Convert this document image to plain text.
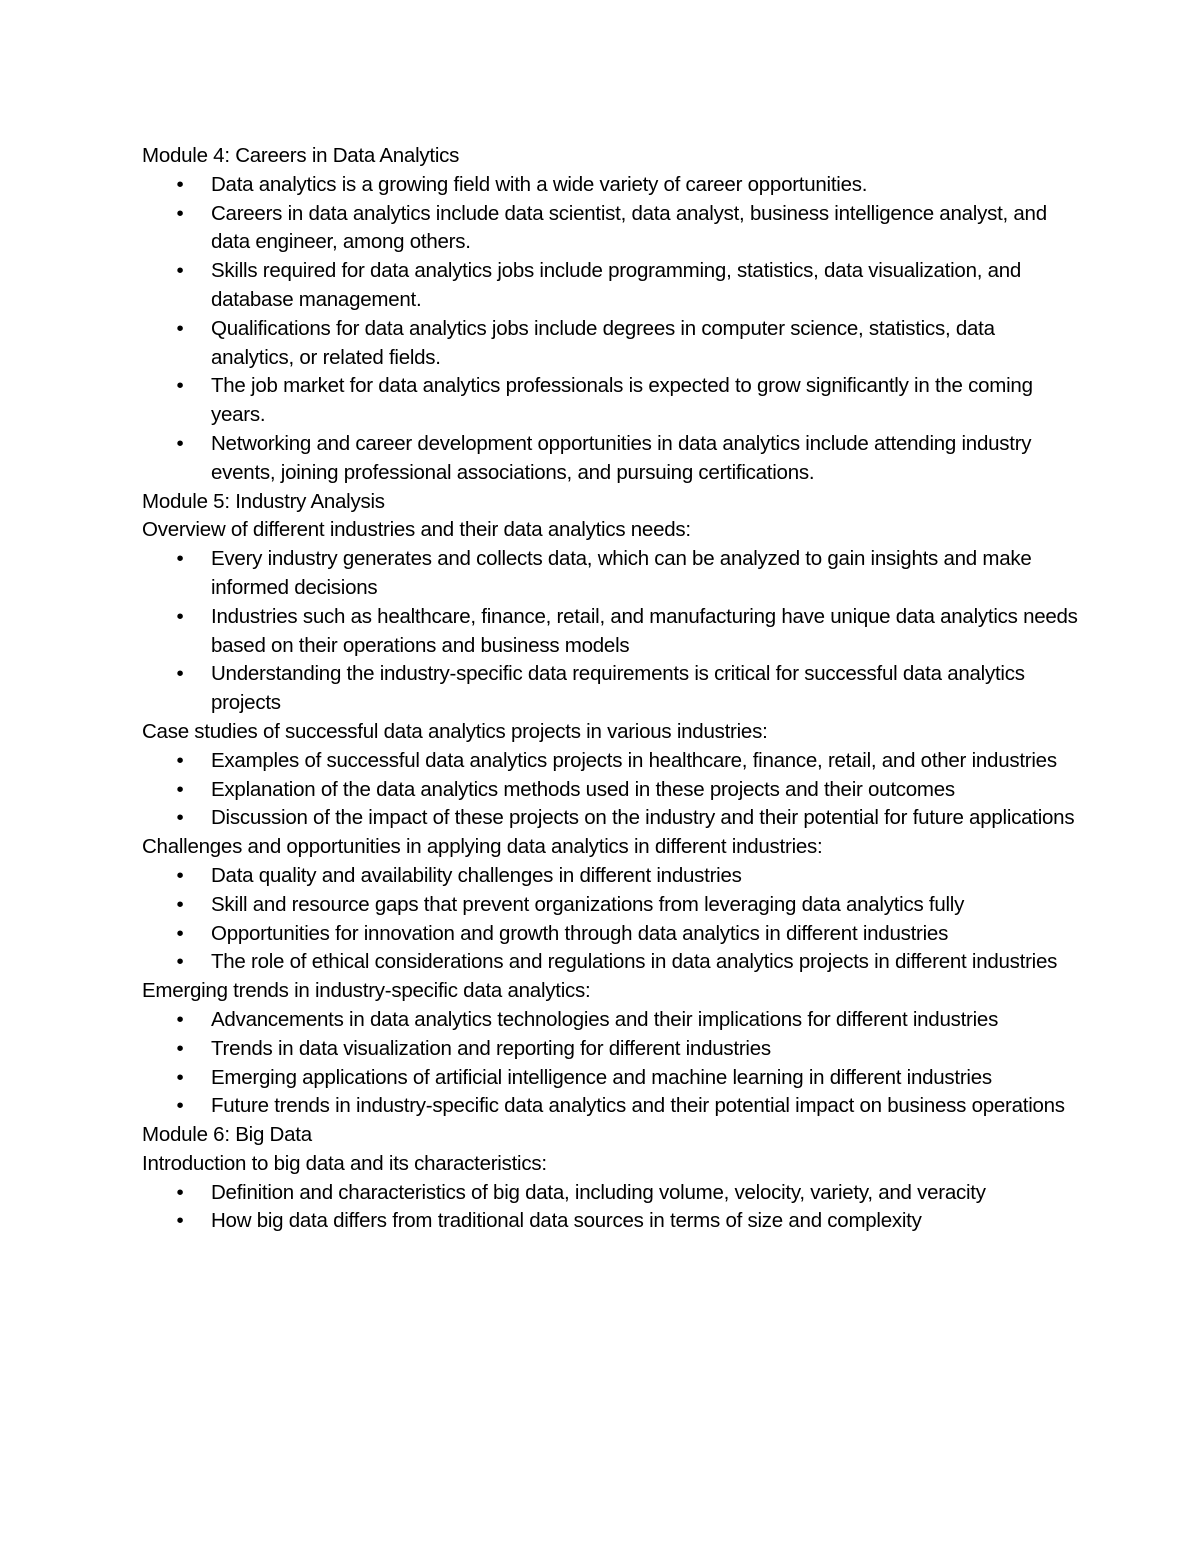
Module 4: Careers in Data Analytics
• Data analytics is a growing field with a wide variety of career opportunities.
• Careers in data analytics include data scientist, data analyst, business intelligence analyst, and data engineer, among others.
• Skills required for data analytics jobs include programming, statistics, data visualization, and database management.
• Qualifications for data analytics jobs include degrees in computer science, statistics, data analytics, or related fields.
• The job market for data analytics professionals is expected to grow significantly in the coming years.
• Networking and career development opportunities in data analytics include attending industry events, joining professional associations, and pursuing certifications.
Module 5: Industry Analysis
Overview of different industries and their data analytics needs:
• Every industry generates and collects data, which can be analyzed to gain insights and make informed decisions
• Industries such as healthcare, finance, retail, and manufacturing have unique data analytics needs based on their operations and business models
• Understanding the industry-specific data requirements is critical for successful data analytics projects
Case studies of successful data analytics projects in various industries:
• Examples of successful data analytics projects in healthcare, finance, retail, and other industries
• Explanation of the data analytics methods used in these projects and their outcomes
• Discussion of the impact of these projects on the industry and their potential for future applications
Challenges and opportunities in applying data analytics in different industries:
• Data quality and availability challenges in different industries
• Skill and resource gaps that prevent organizations from leveraging data analytics fully
• Opportunities for innovation and growth through data analytics in different industries
• The role of ethical considerations and regulations in data analytics projects in different industries
Emerging trends in industry-specific data analytics:
• Advancements in data analytics technologies and their implications for different industries
• Trends in data visualization and reporting for different industries
• Emerging applications of artificial intelligence and machine learning in different industries
• Future trends in industry-specific data analytics and their potential impact on business operations
Module 6: Big Data
Introduction to big data and its characteristics:
• Definition and characteristics of big data, including volume, velocity, variety, and veracity
• How big data differs from traditional data sources in terms of size and complexity
